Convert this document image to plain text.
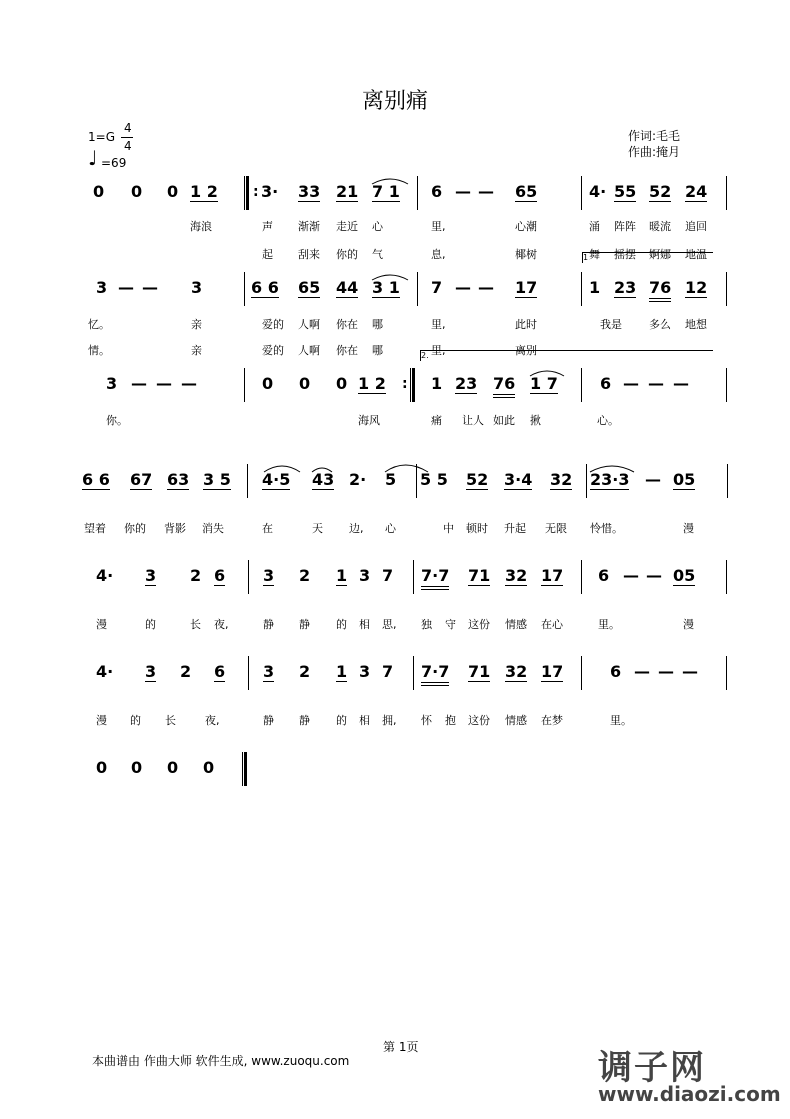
离别痛
1=G
4
4
♩ =69
作词:毛毛
作曲:掩月
0 0 0 1 2	: 3· 33 21 7 1 6 — — 65	4· 55 52 24
1
海浪	声 渐渐 走近 心	里,	心潮	涌 阵阵 暖流 追回
起 刮来 你的 气	息,	椰树	舞 摇摆 婀娜 地温
3 — — 3	6 6 65 44 3 1 7 — — 17	1 23 76 12
2.
忆。	亲	爱的 人啊 你在 哪	里,	此时	我是 多么 地想
情。	亲	爱的 人啊 你在 哪	里,	离别
3 — — —	0 0 0 1 2 : 1 23 76 1 7	6 — — —
你。	海风	痛 让人 如此 揪	心。
6 6 67 63 3 5 4·5 43 2· 5 5 5 52 3·4 32 23·3 — 05
望着 你的 背影 消失	在	天 边, 心	中 顿时 升起 无限 怜惜。	漫
4· 3 2 6 3 2 1 3 7 7·7 71 32 17 6 — — 05
漫	的	长 夜,	静 静 的 相 思, 独 守 这份 情感 在心	里。	漫
4· 3 2 6 3 2 1 3 7 7·7 71 32 17	6 — — —
漫 的 长	夜,	静 静 的 相 拥, 怀 抱 这份 情感 在梦	里。
0 0 0 0
第 1页
本曲谱由 作曲大师 软件生成, www.zuoqu.com	调子网
www.diaozi.com
